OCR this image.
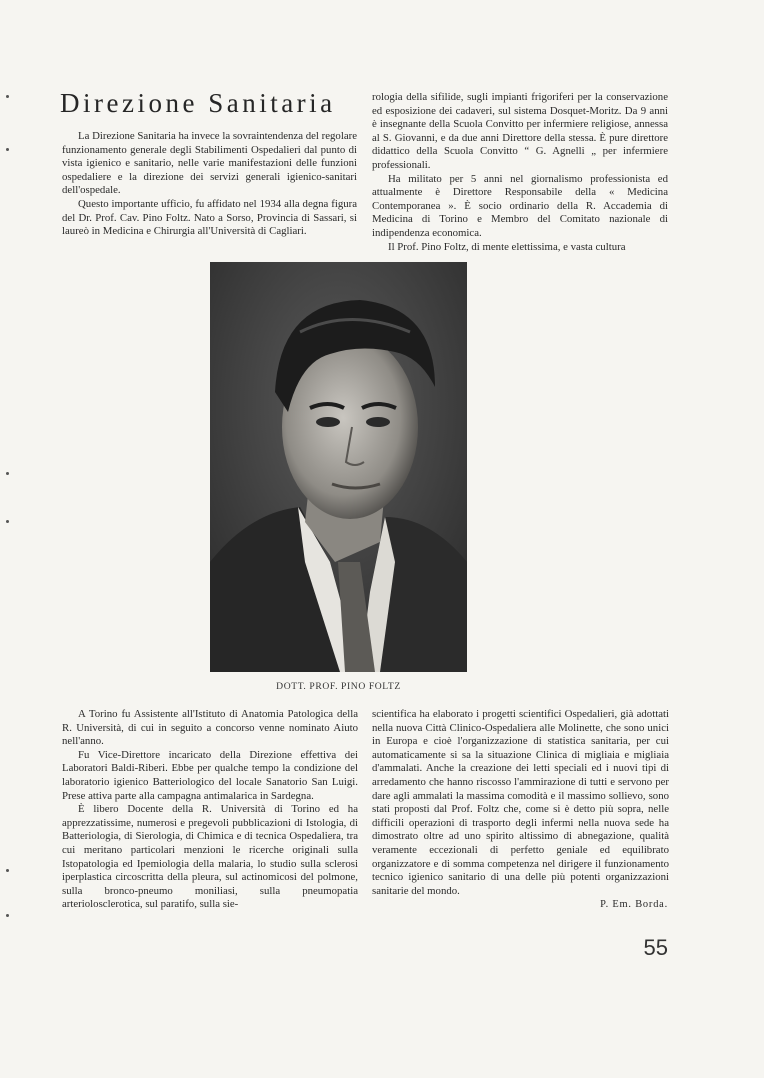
Direzione Sanitaria

La Direzione Sanitaria ha invece la sovraintendenza del regolare funzionamento generale degli Stabilimenti Ospedalieri dal punto di vista igienico e sanitario, nelle varie manifestazioni delle funzioni ospedaliere e la direzione dei servizi generali igienico-sanitari dell'ospedale.

Questo importante ufficio, fu affidato nel 1934 alla degna figura del Dr. Prof. Cav. Pino Foltz. Nato a Sorso, Provincia di Sassari, si laureò in Medicina e Chirurgia all'Università di Cagliari.

rologia della sifilide, sugli impianti frigoriferi per la conservazione ed esposizione dei cadaveri, sul sistema Dosquet-Moritz. Da 9 anni è insegnante della Scuola Convitto per infermiere religiose, annessa al S. Giovanni, e da due anni Direttore della stessa. È pure direttore didattico della Scuola Convitto “ G. Agnelli „ per infermiere professionali.

Ha militato per 5 anni nel giornalismo professionista ed attualmente è Direttore Responsabile della « Medicina Contemporanea ». È socio ordinario della R. Accademia di Medicina di Torino e Membro del Comitato nazionale di indipendenza economica.

Il Prof. Pino Foltz, di mente elettissima, e vasta cultura

DOTT. PROF. PINO FOLTZ

A Torino fu Assistente all'Istituto di Anatomia Patologica della R. Università, di cui in seguito a concorso venne nominato Aiuto nell'anno.

Fu Vice-Direttore incaricato della Direzione effettiva dei Laboratori Baldi-Riberi. Ebbe per qualche tempo la condizione del laboratorio igienico Batteriologico del locale Sanatorio San Luigi. Prese attiva parte alla campagna antimalarica in Sardegna.

È libero Docente della R. Università di Torino ed ha apprezzatissime, numerosi e pregevoli pubblicazioni di Istologia, di Batteriologia, di Sierologia, di Chimica e di tecnica Ospedaliera, tra cui meritano particolari menzioni le ricerche originali sulla Istopatologia ed Ipemiologia della malaria, lo studio sulla sclerosi iperplastica circoscritta della pleura, sul actinomicosi del polmone, sulla bronco-pneumo moniliasi, sulla pneumopatia arteriolosclerotica, sul paratifo, sulla sie-

scientifica ha elaborato i progetti scientifici Ospedalieri, già adottati nella nuova Città Clinico-Ospedaliera alle Molinette, che sono unici in Europa e cioè l'organizzazione di statistica sanitaria, per cui automaticamente si sa la situazione Clinica di migliaia e migliaia d'ammalati. Anche la creazione dei letti speciali ed i nuovi tipi di arredamento che hanno riscosso l'ammirazione di tutti e servono per dare agli ammalati la massima comodità e il massimo sollievo, sono stati proposti dal Prof. Foltz che, come si è detto più sopra, nelle difficili operazioni di trasporto degli infermi nella nuova sede ha dimostrato oltre ad uno spirito altissimo di abnegazione, qualità veramente eccezionali di perfetto geniale ed equilibrato organizzatore e di somma competenza nel dirigere il funzionamento tecnico igienico sanitario di una delle più potenti organizzazioni sanitarie del mondo.

P. Em. Borda.
55
